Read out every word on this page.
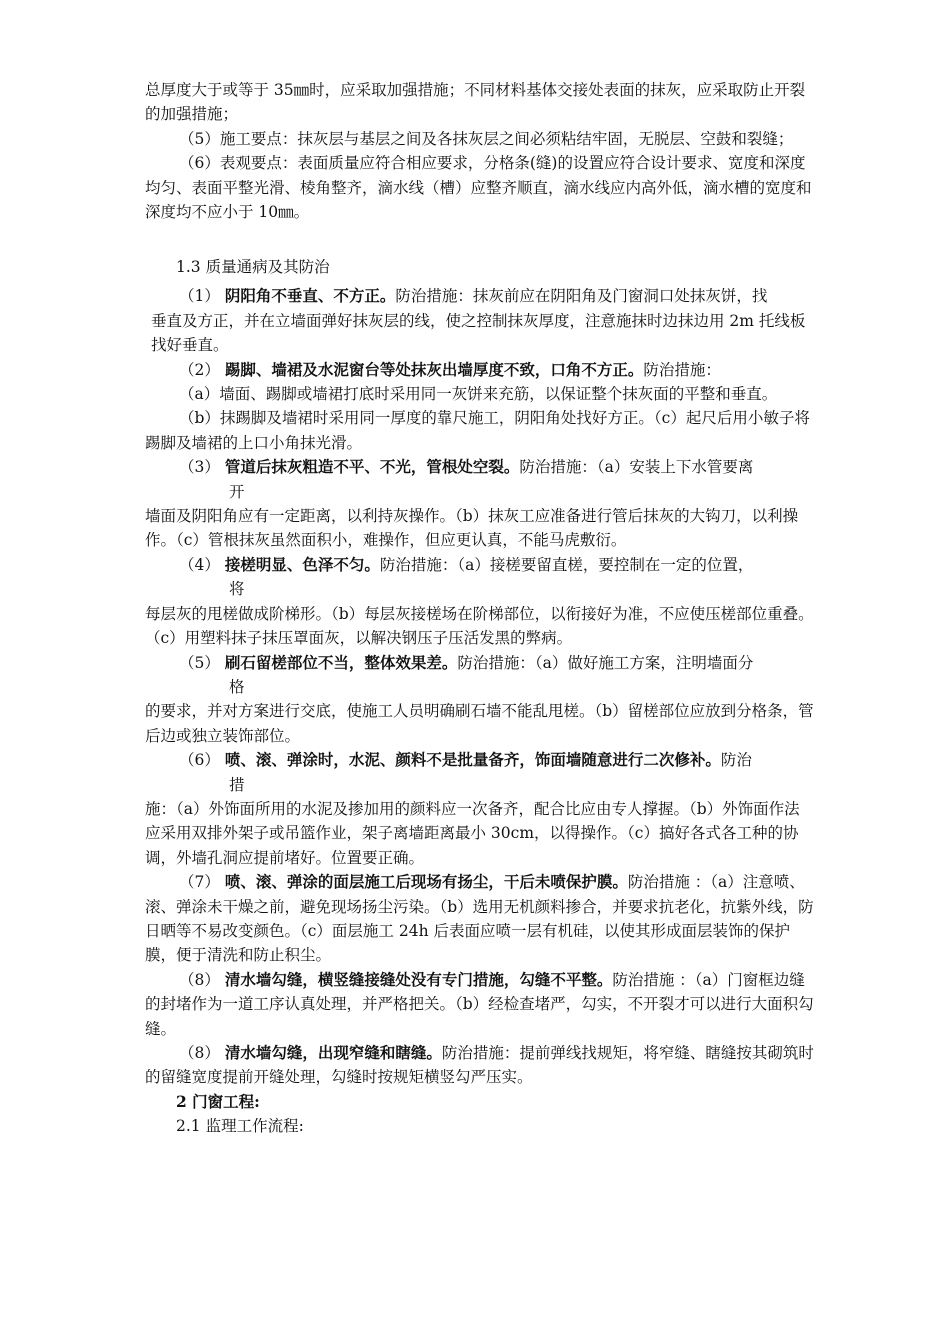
总厚度大于或等于 35㎜时，应采取加强措施；不同材料基体交接处表面的抹灰，应采取防止开裂的加强措施；

（5）施工要点：抹灰层与基层之间及各抹灰层之间必须粘结牢固，无脱层、空鼓和裂缝；

（6）表观要点：表面质量应符合相应要求，分格条(缝)的设置应符合设计要求、宽度和深度均匀、表面平整光滑、棱角整齐，滴水线（槽）应整齐顺直，滴水线应内高外低，滴水槽的宽度和深度均不应小于 10㎜。

1.3 质量通病及其防治

（1） 阴阳角不垂直、不方正。防治措施：抹灰前应在阴阳角及门窗洞口处抹灰饼，找

垂直及方正，并在立墙面弹好抹灰层的线，使之控制抹灰厚度，注意施抹时边抹边用 2m 托线板找好垂直。

（2） 踢脚、墙裙及水泥窗台等处抹灰出墙厚度不致，口角不方正。防治措施：

（a）墙面、踢脚或墙裙打底时采用同一灰饼来充筋，以保证整个抹灰面的平整和垂直。

（b）抹踢脚及墙裙时采用同一厚度的靠尺施工，阴阳角处找好方正。（c）起尺后用小敏子将踢脚及墙裙的上口小角抹光滑。

（3） 管道后抹灰粗造不平、不光，管根处空裂。防治措施：（a）安装上下水管要离

开

墙面及阴阳角应有一定距离，以利持灰操作。（b）抹灰工应准备进行管后抹灰的大钩刀，以利操作。（c）管根抹灰虽然面积小，难操作，但应更认真，不能马虎敷衍。

（4） 接槎明显、色泽不匀。防治措施：（a）接槎要留直槎，要控制在一定的位置，

将

每层灰的甩槎做成阶梯形。（b）每层灰接槎场在阶梯部位，以衔接好为准，不应使压槎部位重叠。（c）用塑料抹子抹压罩面灰，以解决钢压子压活发黑的弊病。

（5） 刷石留槎部位不当，整体效果差。防治措施：（a）做好施工方案，注明墙面分

格

的要求，并对方案进行交底，使施工人员明确刷石墙不能乱甩槎。（b）留槎部位应放到分格条，管后边或独立装饰部位。

（6） 喷、滚、弹涂时，水泥、颜料不是批量备齐，饰面墙随意进行二次修补。防治

措

施：（a）外饰面所用的水泥及掺加用的颜料应一次备齐，配合比应由专人撑握。（b）外饰面作法应采用双排外架子或吊篮作业，架子离墙距离最小 30cm，以得操作。（c）搞好各式各工种的协调，外墙孔洞应提前堵好。位置要正确。

（7） 喷、滚、弹涂的面层施工后现场有扬尘，干后未喷保护膜。防治措施 ：（a）注意喷、滚、弹涂未干燥之前，避免现场扬尘污染。（b）选用无机颜料掺合，并要求抗老化，抗紫外线，防日晒等不易改变颜色。（c）面层施工 24h 后表面应喷一层有机硅，以使其形成面层装饰的保护膜，便于清洗和防止积尘。

（8） 清水墙勾缝，横竖缝接缝处没有专门措施，勾缝不平整。防治措施 ：（a）门窗框边缝的封堵作为一道工序认真处理，并严格把关。（b）经检查堵严，勾实，不开裂才可以进行大面积勾缝。

（8） 清水墙勾缝，出现窄缝和瞎缝。防治措施：提前弹线找规矩，将窄缝、瞎缝按其砌筑时的留缝宽度提前开缝处理，勾缝时按规矩横竖勾严压实。

2 门窗工程:

2.1 监理工作流程:
